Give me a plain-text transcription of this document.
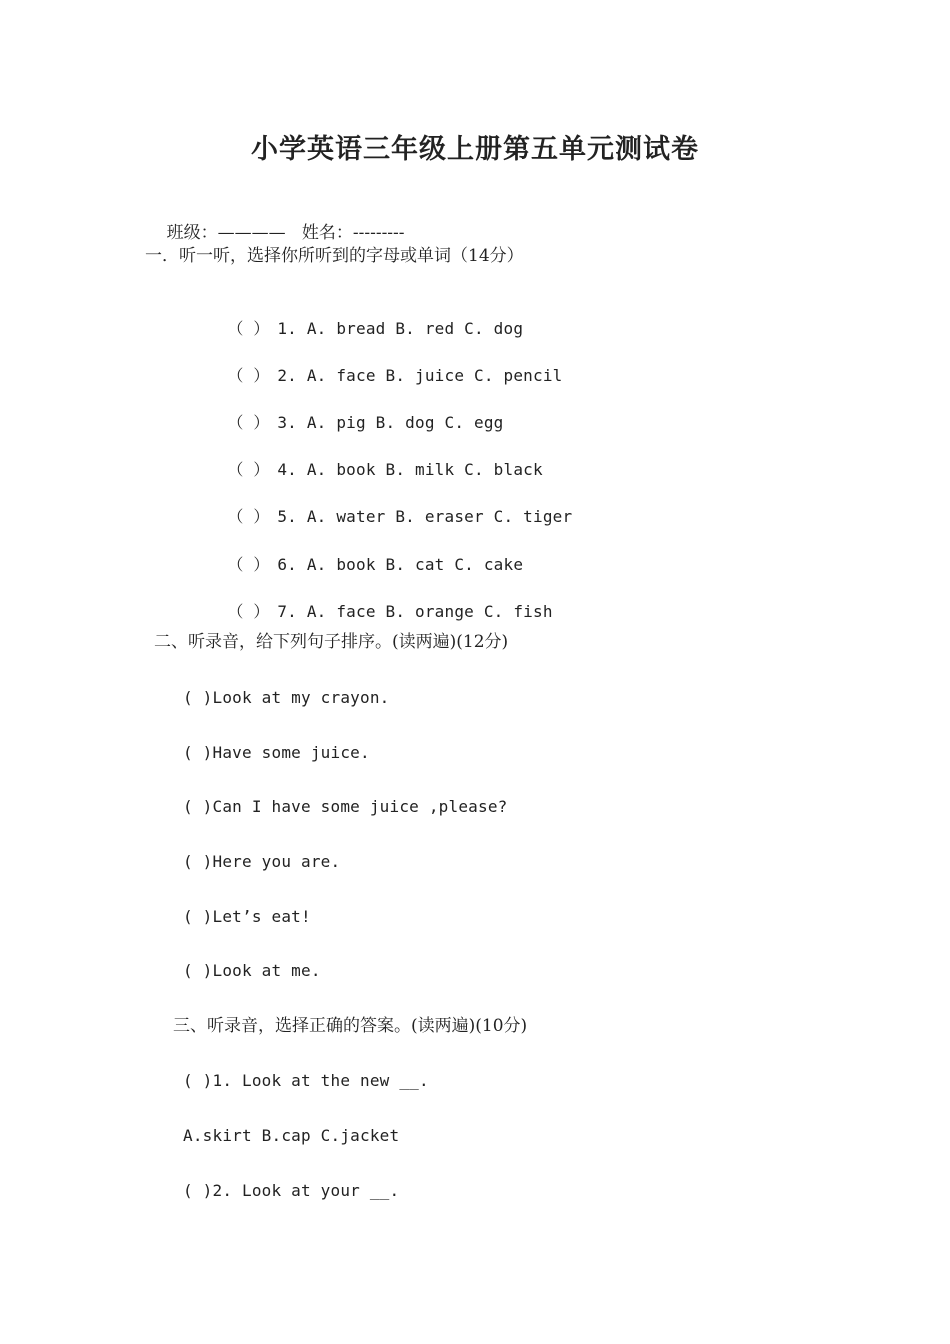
小学英语三年级上册第五单元测试卷

班级：———— 姓名：---------

一．听一听，选择你所听到的字母或单词（14分）

（ ） 1. A. bread B. red C. dog

（ ） 2. A. face B. juice C. pencil

（ ） 3. A. pig B. dog C. egg

（ ） 4. A. book B. milk C. black

（ ） 5. A. water B. eraser C. tiger

（ ） 6. A. book B. cat C. cake

（ ） 7. A. face B. orange C. fish

二、听录音，给下列句子排序。(读两遍)(12分)
( )Look at my crayon.
( )Have some juice.
( )Can I have some juice ,please?
( )Here you are.
( )Let’s eat!
( )Look at me.
三、听录音，选择正确的答案。(读两遍)(10分)
( )1. Look at the new __.
A.skirt B.cap C.jacket
( )2. Look at your __.
